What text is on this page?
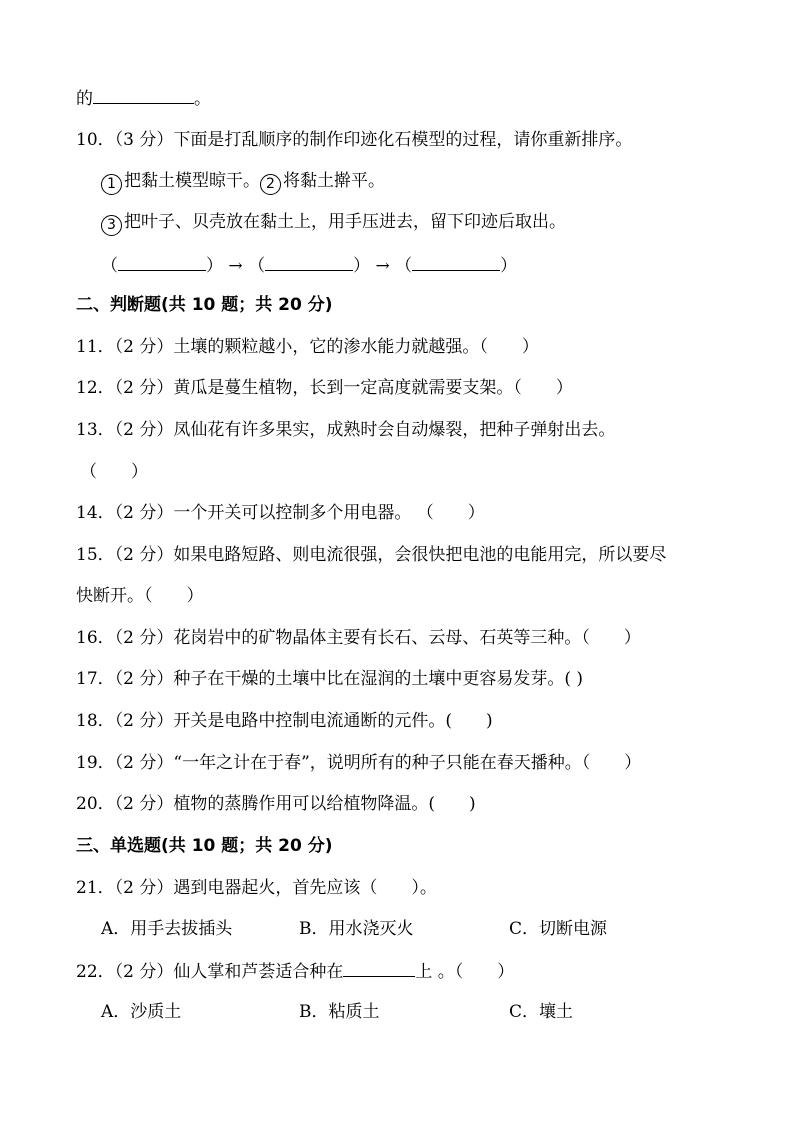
的	。
10．（3 分）下面是打乱顺序的制作印迹化石模型的过程，请你重新排序。
1 把黏土模型晾干。 2 将黏土擀平。
3 把叶子、贝壳放在黏土上，用手压进去，留下印迹后取出。
（	） → （	） → （	）
二、判断题(共 10 题；共 20 分)
11．（2 分）土壤的颗粒越小，它的渗水能力就越强。（　　）
12．（2 分）黄瓜是蔓生植物，长到一定高度就需要支架。（　　）
13．（2 分）凤仙花有许多果实，成熟时会自动爆裂，把种子弹射出去。
（　　）
14．（2 分）一个开关可以控制多个用电器。 （　　）
15．（2 分）如果电路短路、则电流很强，会很快把电池的电能用完，所以要尽
快断开。（　　）
16．（2 分）花岗岩中的矿物晶体主要有长石、云母、石英等三种。（　　）
17．（2 分）种子在干燥的土壤中比在湿润的土壤中更容易发芽。( )
18．（2 分）开关是电路中控制电流通断的元件。(　　)
19．（2 分）“一年之计在于春”，说明所有的种子只能在春天播种。（　　）
20．（2 分）植物的蒸腾作用可以给植物降温。(　　)
三、单选题(共 10 题；共 20 分)
21．（2 分）遇到电器起火，首先应该（　　）。
A．用手去拔插头	B．用水浇灭火	C．切断电源
22．（2 分）仙人掌和芦荟适合种在	上 。（　　）
A．沙质土	B．粘质土	C．壤土
